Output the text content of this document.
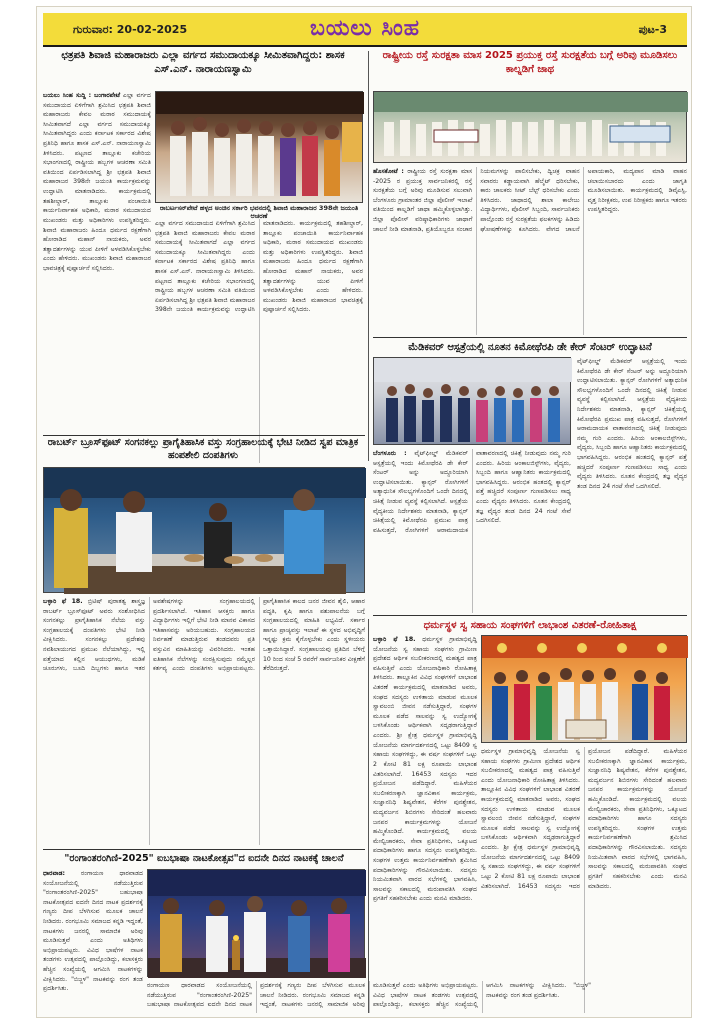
ಗುರುವಾರ: 20-02-2025	ಬಯಲು ಸಿಂಹ	ಪುಟ-3
ಛತ್ರಪತಿ ಶಿವಾಜಿ ಮಹಾರಾಜರು ಎಲ್ಲಾ ವರ್ಗದ ಸಮುದಾಯಕ್ಕೂ ಸೀಮಿತವಾಗಿದ್ದರು: ಶಾಸಕ ಎಸ್.ಎನ್. ನಾರಾಯಣಸ್ವಾಮಿ
ಬಯಲು ಸಿಂಹ ಸುದ್ದಿ : ಬಂಗಾರಪೇಟೆ ಎಲ್ಲಾ ವರ್ಗದ ಸಮುದಾಯದ ಏಳಿಗೆಗಾಗಿ ಶ್ರಮಿಸಿದ ಛತ್ರಪತಿ ಶಿವಾಜಿ ಮಹಾರಾಜರು ಕೇವಲ ಮರಾಠ ಸಮುದಾಯಕ್ಕೆ ಸೀಮಿತವಾಗದೆ ಎಲ್ಲಾ ವರ್ಗದ ಸಮುದಾಯಕ್ಕೂ ಸೀಮಿತವಾಗಿದ್ದರು ಎಂದು ಕರ್ನಾಟಕ ಸರ್ಕಾರದ ವಿಶೇಷ ಪ್ರತಿನಿಧಿ ಹಾಗೂ ಶಾಸಕ ಎಸ್.ಎನ್. ನಾರಾಯಣಸ್ವಾಮಿ ತಿಳಿಸಿದರು. ಪಟ್ಟಣದ ತಾಲ್ಲೂಕು ಕಚೇರಿಯ ಸಭಾಂಗಣದಲ್ಲಿ ರಾಷ್ಟ್ರೀಯ ಹಬ್ಬಗಳ ಆಚರಣಾ ಸಮಿತಿ ವತಿಯಿಂದ ಏರ್ಪಡಿಸಲಾಗಿದ್ದ ಶ್ರೀ ಛತ್ರಪತಿ ಶಿವಾಜಿ ಮಹಾರಾಜರ 398ನೇ ಜಯಂತಿ ಕಾರ್ಯಕ್ರಮವನ್ನು ಉದ್ಘಾಟಿಸಿ ಮಾತನಾಡಿದರು. ಕಾರ್ಯಕ್ರಮದಲ್ಲಿ ತಹಶೀಲ್ದಾರ್, ತಾಲ್ಲೂಕು ಪಂಚಾಯಿತಿ ಕಾರ್ಯನಿರ್ವಾಹಕ ಅಧಿಕಾರಿ, ಮರಾಠ ಸಮುದಾಯದ ಮುಖಂಡರು ಮತ್ತು ಅಧಿಕಾರಿಗಳು ಉಪಸ್ಥಿತರಿದ್ದರು. ಶಿವಾಜಿ ಮಹಾರಾಜರು ಹಿಂದೂ ಧರ್ಮದ ರಕ್ಷಣೆಗಾಗಿ ಹೋರಾಡಿದ ಮಹಾನ್ ನಾಯಕರು, ಅವರ ತತ್ವಾದರ್ಶಗಳನ್ನು ಯುವ ಪೀಳಿಗೆ ಅಳವಡಿಸಿಕೊಳ್ಳಬೇಕು ಎಂದು ಹೇಳಿದರು. ಮುಖಂಡರು ಶಿವಾಜಿ ಮಹಾರಾಜರ ಭಾವಚಿತ್ರಕ್ಕೆ ಪುಷ್ಪಾರ್ಚನೆ ಸಲ್ಲಿಸಿದರು.
ರಾಬರ್ಟಸನ್‌ಪೇಟೆ ಹಳ್ಳದ ಅಂಚಿನ ಸರ್ಕಾರಿ ಭವನದಲ್ಲಿ ಶಿವಾಜಿ ಮಹಾರಾಜರ 398ನೇ ಜಯಂತಿ ಆಚರಣೆ
ಎಲ್ಲಾ ವರ್ಗದ ಸಮುದಾಯದ ಏಳಿಗೆಗಾಗಿ ಶ್ರಮಿಸಿದ ಛತ್ರಪತಿ ಶಿವಾಜಿ ಮಹಾರಾಜರು ಕೇವಲ ಮರಾಠ ಸಮುದಾಯಕ್ಕೆ ಸೀಮಿತವಾಗದೆ ಎಲ್ಲಾ ವರ್ಗದ ಸಮುದಾಯಕ್ಕೂ ಸೀಮಿತವಾಗಿದ್ದರು ಎಂದು ಕರ್ನಾಟಕ ಸರ್ಕಾರದ ವಿಶೇಷ ಪ್ರತಿನಿಧಿ ಹಾಗೂ ಶಾಸಕ ಎಸ್.ಎನ್. ನಾರಾಯಣಸ್ವಾಮಿ ತಿಳಿಸಿದರು. ಪಟ್ಟಣದ ತಾಲ್ಲೂಕು ಕಚೇರಿಯ ಸಭಾಂಗಣದಲ್ಲಿ ರಾಷ್ಟ್ರೀಯ ಹಬ್ಬಗಳ ಆಚರಣಾ ಸಮಿತಿ ವತಿಯಿಂದ ಏರ್ಪಡಿಸಲಾಗಿದ್ದ ಶ್ರೀ ಛತ್ರಪತಿ ಶಿವಾಜಿ ಮಹಾರಾಜರ 398ನೇ ಜಯಂತಿ ಕಾರ್ಯಕ್ರಮವನ್ನು ಉದ್ಘಾಟಿಸಿ ಮಾತನಾಡಿದರು. ಕಾರ್ಯಕ್ರಮದಲ್ಲಿ ತಹಶೀಲ್ದಾರ್, ತಾಲ್ಲೂಕು ಪಂಚಾಯಿತಿ ಕಾರ್ಯನಿರ್ವಾಹಕ ಅಧಿಕಾರಿ, ಮರಾಠ ಸಮುದಾಯದ ಮುಖಂಡರು ಮತ್ತು ಅಧಿಕಾರಿಗಳು ಉಪಸ್ಥಿತರಿದ್ದರು. ಶಿವಾಜಿ ಮಹಾರಾಜರು ಹಿಂದೂ ಧರ್ಮದ ರಕ್ಷಣೆಗಾಗಿ ಹೋರಾಡಿದ ಮಹಾನ್ ನಾಯಕರು, ಅವರ ತತ್ವಾದರ್ಶಗಳನ್ನು ಯುವ ಪೀಳಿಗೆ ಅಳವಡಿಸಿಕೊಳ್ಳಬೇಕು ಎಂದು ಹೇಳಿದರು. ಮುಖಂಡರು ಶಿವಾಜಿ ಮಹಾರಾಜರ ಭಾವಚಿತ್ರಕ್ಕೆ ಪುಷ್ಪಾರ್ಚನೆ ಸಲ್ಲಿಸಿದರು.
ರಾಷ್ಟ್ರೀಯ ರಸ್ತೆ ಸುರಕ್ಷತಾ ಮಾಸ 2025 ಪ್ರಯುಕ್ತ ರಸ್ತೆ ಸುರಕ್ಷತೆಯ ಬಗ್ಗೆ ಅರಿವು ಮೂಡಿಸಲು ಕಾಲ್ನಡಿಗೆ ಜಾಥ
ಹೊಸಕೋಟೆ : ರಾಷ್ಟ್ರೀಯ ರಸ್ತೆ ಸುರಕ್ಷತಾ ಮಾಸ -2025 ರ ಪ್ರಯುಕ್ತ ಸಾರ್ವಜನಿಕರಲ್ಲಿ ರಸ್ತೆ ಸುರಕ್ಷತೆಯ ಬಗ್ಗೆ ಅರಿವು ಮೂಡಿಸುವ ಸಲುವಾಗಿ ಬೆಂಗಳೂರು ಗ್ರಾಮಾಂತರ ಜಿಲ್ಲಾ ಪೊಲೀಸ್ ಇಲಾಖೆ ವತಿಯಿಂದ ಕಾಲ್ನಡಿಗೆ ಜಾಥಾ ಹಮ್ಮಿಕೊಳ್ಳಲಾಗಿತ್ತು. ಜಿಲ್ಲಾ ಪೊಲೀಸ್ ವರಿಷ್ಠಾಧಿಕಾರಿಗಳು ಜಾಥಾಗೆ ಚಾಲನೆ ನೀಡಿ ಮಾತನಾಡಿ, ಪ್ರತಿಯೊಬ್ಬರೂ ಸಂಚಾರ ನಿಯಮಗಳನ್ನು ಪಾಲಿಸಬೇಕು, ದ್ವಿಚಕ್ರ ವಾಹನ ಸವಾರರು ಕಡ್ಡಾಯವಾಗಿ ಹೆಲ್ಮೆಟ್ ಧರಿಸಬೇಕು, ಕಾರು ಚಾಲಕರು ಸೀಟ್ ಬೆಲ್ಟ್ ಧರಿಸಬೇಕು ಎಂದು ತಿಳಿಸಿದರು. ಜಾಥಾದಲ್ಲಿ ಶಾಲಾ ಕಾಲೇಜು ವಿದ್ಯಾರ್ಥಿಗಳು, ಪೊಲೀಸ್ ಸಿಬ್ಬಂದಿ, ಸಾರ್ವಜನಿಕರು ಪಾಲ್ಗೊಂಡು ರಸ್ತೆ ಸುರಕ್ಷತೆಯ ಫಲಕಗಳನ್ನು ಹಿಡಿದು ಘೋಷಣೆಗಳನ್ನು ಕೂಗಿದರು. ವೇಗದ ಚಾಲನೆ ಅಪಾಯಕಾರಿ, ಮದ್ಯಪಾನ ಮಾಡಿ ವಾಹನ ಚಲಾಯಿಸಬಾರದು ಎಂದು ಜಾಗೃತಿ ಮೂಡಿಸಲಾಯಿತು. ಕಾರ್ಯಕ್ರಮದಲ್ಲಿ ಡಿವೈಎಸ್ಪಿ, ವೃತ್ತ ನಿರೀಕ್ಷಕರು, ಉಪ ನಿರೀಕ್ಷಕರು ಹಾಗೂ ಇತರರು ಉಪಸ್ಥಿತರಿದ್ದರು.
ಮೆಡಿಕವರ್ ಆಸ್ಪತ್ರೆಯಲ್ಲಿ ನೂತನ ಕಿಮೋಥೆರಪಿ ಡೇ ಕೇರ್ ಸೆಂಟರ್ ಉದ್ಘಾಟನೆ
ವೈಟ್‌ಫೀಲ್ಡ್ ಮೆಡಿಕವರ್ ಆಸ್ಪತ್ರೆಯಲ್ಲಿ ಇಂದು ಕಿಮೋಥೆರಪಿ ಡೇ ಕೇರ್ ಸೆಂಟರ್ ಅನ್ನು ಅದ್ದೂರಿಯಾಗಿ ಉದ್ಘಾಟಿಸಲಾಯಿತು. ಕ್ಯಾನ್ಸರ್ ರೋಗಿಗಳಿಗೆ ಅತ್ಯಾಧುನಿಕ ಸೌಲಭ್ಯಗಳೊಂದಿಗೆ ಒಂದೇ ದಿನದಲ್ಲಿ ಚಿಕಿತ್ಸೆ ನೀಡುವ ವ್ಯವಸ್ಥೆ ಕಲ್ಪಿಸಲಾಗಿದೆ. ಆಸ್ಪತ್ರೆಯ ವೈದ್ಯಕೀಯ ನಿರ್ದೇಶಕರು ಮಾತನಾಡಿ, ಕ್ಯಾನ್ಸರ್ ಚಿಕಿತ್ಸೆಯಲ್ಲಿ ಕಿಮೋಥೆರಪಿ ಪ್ರಮುಖ ಪಾತ್ರ ವಹಿಸುತ್ತದೆ, ರೋಗಿಗಳಿಗೆ ಆರಾಮದಾಯಕ ವಾತಾವರಣದಲ್ಲಿ ಚಿಕಿತ್ಸೆ ನೀಡುವುದು ನಮ್ಮ ಗುರಿ ಎಂದರು. ಹಿರಿಯ ಆಂಕಾಲಜಿಸ್ಟ್‌ಗಳು, ವೈದ್ಯರು, ಸಿಬ್ಬಂದಿ ಹಾಗೂ ಆಹ್ವಾನಿತರು ಕಾರ್ಯಕ್ರಮದಲ್ಲಿ ಭಾಗವಹಿಸಿದ್ದರು. ಆರಂಭಿಕ ಹಂತದಲ್ಲಿ ಕ್ಯಾನ್ಸರ್ ಪತ್ತೆ ಹಚ್ಚಿದರೆ ಸಂಪೂರ್ಣ ಗುಣಪಡಿಸಲು ಸಾಧ್ಯ ಎಂದು ವೈದ್ಯರು ತಿಳಿಸಿದರು. ನೂತನ ಕೇಂದ್ರದಲ್ಲಿ ತಜ್ಞ ವೈದ್ಯರ ತಂಡ ದಿನದ 24 ಗಂಟೆ ಸೇವೆ ಒದಗಿಸಲಿದೆ.
ಬೆಂಗಳೂರು : ವೈಟ್‌ಫೀಲ್ಡ್ ಮೆಡಿಕವರ್ ಆಸ್ಪತ್ರೆಯಲ್ಲಿ ಇಂದು ಕಿಮೋಥೆರಪಿ ಡೇ ಕೇರ್ ಸೆಂಟರ್ ಅನ್ನು ಅದ್ದೂರಿಯಾಗಿ ಉದ್ಘಾಟಿಸಲಾಯಿತು. ಕ್ಯಾನ್ಸರ್ ರೋಗಿಗಳಿಗೆ ಅತ್ಯಾಧುನಿಕ ಸೌಲಭ್ಯಗಳೊಂದಿಗೆ ಒಂದೇ ದಿನದಲ್ಲಿ ಚಿಕಿತ್ಸೆ ನೀಡುವ ವ್ಯವಸ್ಥೆ ಕಲ್ಪಿಸಲಾಗಿದೆ. ಆಸ್ಪತ್ರೆಯ ವೈದ್ಯಕೀಯ ನಿರ್ದೇಶಕರು ಮಾತನಾಡಿ, ಕ್ಯಾನ್ಸರ್ ಚಿಕಿತ್ಸೆಯಲ್ಲಿ ಕಿಮೋಥೆರಪಿ ಪ್ರಮುಖ ಪಾತ್ರ ವಹಿಸುತ್ತದೆ, ರೋಗಿಗಳಿಗೆ ಆರಾಮದಾಯಕ ವಾತಾವರಣದಲ್ಲಿ ಚಿಕಿತ್ಸೆ ನೀಡುವುದು ನಮ್ಮ ಗುರಿ ಎಂದರು. ಹಿರಿಯ ಆಂಕಾಲಜಿಸ್ಟ್‌ಗಳು, ವೈದ್ಯರು, ಸಿಬ್ಬಂದಿ ಹಾಗೂ ಆಹ್ವಾನಿತರು ಕಾರ್ಯಕ್ರಮದಲ್ಲಿ ಭಾಗವಹಿಸಿದ್ದರು. ಆರಂಭಿಕ ಹಂತದಲ್ಲಿ ಕ್ಯಾನ್ಸರ್ ಪತ್ತೆ ಹಚ್ಚಿದರೆ ಸಂಪೂರ್ಣ ಗುಣಪಡಿಸಲು ಸಾಧ್ಯ ಎಂದು ವೈದ್ಯರು ತಿಳಿಸಿದರು. ನೂತನ ಕೇಂದ್ರದಲ್ಲಿ ತಜ್ಞ ವೈದ್ಯರ ತಂಡ ದಿನದ 24 ಗಂಟೆ ಸೇವೆ ಒದಗಿಸಲಿದೆ.
ರಾಬರ್ಟ್ ಬ್ರೂಸ್‌ಫೂಟ್ ಸಂಗನಕಲ್ಲು ಪ್ರಾಗೈತಿಹಾಸಿಕ ವಸ್ತು ಸಂಗ್ರಹಾಲಯಕ್ಕೆ ಭೇಟಿ ನೀಡಿದ ಸ್ವಪ ಮಾತ್ರಿಕ ಹಂಪಶೇಲಿ ದಂಪತಿಗಳು
ಬಳ್ಳಾರಿ ಫೆ 18. ಬ್ರಿಟಿಷ್ ಪುರಾತತ್ವ ಶಾಸ್ತ್ರಜ್ಞ ರಾಬರ್ಟ್ ಬ್ರೂಸ್‌ಫೂಟ್ ಅವರು ಸಂಶೋಧಿಸಿದ ಸಂಗನಕಲ್ಲು ಪ್ರಾಗೈತಿಹಾಸಿಕ ನೆಲೆಯ ವಸ್ತು ಸಂಗ್ರಹಾಲಯಕ್ಕೆ ದಂಪತಿಗಳು ಭೇಟಿ ನೀಡಿ ವೀಕ್ಷಿಸಿದರು. ಸಂಗನಕಲ್ಲು ಪ್ರದೇಶವು ನವಶಿಲಾಯುಗದ ಪ್ರಮುಖ ನೆಲೆಯಾಗಿದ್ದು, ಇಲ್ಲಿ ಪತ್ತೆಯಾದ ಕಲ್ಲಿನ ಆಯುಧಗಳು, ಮಡಿಕೆ ಚೂರುಗಳು, ಬೂದಿ ದಿಬ್ಬಗಳು ಹಾಗೂ ಇತರ ಅವಶೇಷಗಳನ್ನು ಸಂಗ್ರಹಾಲಯದಲ್ಲಿ ಪ್ರದರ್ಶಿಸಲಾಗಿದೆ. ಇತಿಹಾಸ ಆಸಕ್ತರು ಹಾಗೂ ವಿದ್ಯಾರ್ಥಿಗಳು ಇಲ್ಲಿಗೆ ಭೇಟಿ ನೀಡಿ ಮಾನವ ವಿಕಾಸದ ಇತಿಹಾಸವನ್ನು ಅರಿಯಬಹುದು. ಸಂಗ್ರಹಾಲಯದ ನಿರ್ವಹಣೆ ಮಾಡುತ್ತಿರುವ ತಂಡದವರು ಪ್ರತಿ ವಸ್ತುವಿನ ಮಾಹಿತಿಯನ್ನು ವಿವರಿಸಿದರು. ಇಂತಹ ಐತಿಹಾಸಿಕ ನೆಲೆಗಳನ್ನು ಸಂರಕ್ಷಿಸುವುದು ನಮ್ಮೆಲ್ಲರ ಕರ್ತವ್ಯ ಎಂದು ದಂಪತಿಗಳು ಅಭಿಪ್ರಾಯಪಟ್ಟರು. ಪ್ರಾಗೈತಿಹಾಸಿಕ ಕಾಲದ ಜನರ ಜೀವನ ಶೈಲಿ, ಆಹಾರ ಪದ್ಧತಿ, ಕೃಷಿ ಹಾಗೂ ಪಶುಪಾಲನೆಯ ಬಗ್ಗೆ ಸಂಗ್ರಹಾಲಯದಲ್ಲಿ ಮಾಹಿತಿ ಲಭ್ಯವಿದೆ. ಸರ್ಕಾರ ಹಾಗೂ ಪ್ರಾಚ್ಯವಸ್ತು ಇಲಾಖೆ ಈ ಸ್ಥಳದ ಅಭಿವೃದ್ಧಿಗೆ ಇನ್ನಷ್ಟು ಕ್ರಮ ಕೈಗೊಳ್ಳಬೇಕು ಎಂದು ಸ್ಥಳೀಯರು ಒತ್ತಾಯಿಸಿದ್ದಾರೆ. ಸಂಗ್ರಹಾಲಯವು ಪ್ರತಿದಿನ ಬೆಳಿಗ್ಗೆ 10 ರಿಂದ ಸಂಜೆ 5 ರವರೆಗೆ ಸಾರ್ವಜನಿಕರ ವೀಕ್ಷಣೆಗೆ ತೆರೆದಿರುತ್ತದೆ.
ಧರ್ಮಸ್ಥಳ ಸ್ವ ಸಹಾಯ ಸಂಘಗಳಿಗೆ ಲಾಭಾಂಶ ವಿತರಣೆ-ರೋಹಿತಾಕ್ಷ
ಬಳ್ಳಾರಿ ಫೆ 18. ಧರ್ಮಸ್ಥಳ ಗ್ರಾಮಾಭಿವೃದ್ಧಿ ಯೋಜನೆಯ ಸ್ವ ಸಹಾಯ ಸಂಘಗಳು ಗ್ರಾಮೀಣ ಪ್ರದೇಶದ ಆರ್ಥಿಕ ಸಬಲೀಕರಣದಲ್ಲಿ ಮಹತ್ವದ ಪಾತ್ರ ವಹಿಸುತ್ತಿವೆ ಎಂದು ಯೋಜನಾಧಿಕಾರಿ ರೋಹಿತಾಕ್ಷ ತಿಳಿಸಿದರು. ತಾಲ್ಲೂಕಿನ ವಿವಿಧ ಸಂಘಗಳಿಗೆ ಲಾಭಾಂಶ ವಿತರಣೆ ಕಾರ್ಯಕ್ರಮದಲ್ಲಿ ಮಾತನಾಡಿದ ಅವರು, ಸಂಘದ ಸದಸ್ಯರು ಉಳಿತಾಯ ಮಾಡುವ ಮೂಲಕ ಸ್ವಾವಲಂಬಿ ಜೀವನ ನಡೆಸುತ್ತಿದ್ದಾರೆ, ಸಂಘಗಳ ಮೂಲಕ ಪಡೆದ ಸಾಲವನ್ನು ಸ್ವ ಉದ್ಯೋಗಕ್ಕೆ ಬಳಸಿಕೊಂಡು ಆರ್ಥಿಕವಾಗಿ ಸದೃಢರಾಗುತ್ತಿದ್ದಾರೆ ಎಂದರು. ಶ್ರೀ ಕ್ಷೇತ್ರ ಧರ್ಮಸ್ಥಳ ಗ್ರಾಮಾಭಿವೃದ್ಧಿ ಯೋಜನೆಯ ಮಾರ್ಗದರ್ಶನದಲ್ಲಿ ಒಟ್ಟು 8409 ಸ್ವ ಸಹಾಯ ಸಂಘಗಳಿದ್ದು, ಈ ವರ್ಷ ಸಂಘಗಳಿಗೆ ಒಟ್ಟು 2 ಕೋಟಿ 81 ಲಕ್ಷ ರೂಪಾಯಿ ಲಾಭಾಂಶ ವಿತರಿಸಲಾಗಿದೆ. 16453 ಸದಸ್ಯರು ಇದರ ಪ್ರಯೋಜನ ಪಡೆದಿದ್ದಾರೆ. ಮಹಿಳೆಯರ ಸಬಲೀಕರಣಕ್ಕಾಗಿ ಜ್ಞಾನವಿಕಾಸ ಕಾರ್ಯಕ್ರಮ, ಸುಜ್ಞಾನನಿಧಿ ಶಿಷ್ಯವೇತನ, ಕೆರೆಗಳ ಪುನಶ್ಚೇತನ, ಮದ್ಯವರ್ಜನ ಶಿಬಿರಗಳು ಸೇರಿದಂತೆ ಹಲವಾರು ಜನಪರ ಕಾರ್ಯಕ್ರಮಗಳನ್ನು ಯೋಜನೆ ಹಮ್ಮಿಕೊಂಡಿದೆ. ಕಾರ್ಯಕ್ರಮದಲ್ಲಿ ವಲಯ ಮೇಲ್ವಿಚಾರಕರು, ಸೇವಾ ಪ್ರತಿನಿಧಿಗಳು, ಒಕ್ಕೂಟದ ಪದಾಧಿಕಾರಿಗಳು ಹಾಗೂ ಸದಸ್ಯರು ಉಪಸ್ಥಿತರಿದ್ದರು. ಸಂಘಗಳ ಉತ್ತಮ ಕಾರ್ಯನಿರ್ವಹಣೆಗಾಗಿ ಶ್ರಮಿಸಿದ ಪದಾಧಿಕಾರಿಗಳನ್ನು ಗೌರವಿಸಲಾಯಿತು. ಸದಸ್ಯರು ನಿಯಮಿತವಾಗಿ ವಾರದ ಸಭೆಗಳಲ್ಲಿ ಭಾಗವಹಿಸಿ, ಸಾಲವನ್ನು ಸಕಾಲದಲ್ಲಿ ಮರುಪಾವತಿಸಿ ಸಂಘದ ಪ್ರಗತಿಗೆ ಸಹಕರಿಸಬೇಕು ಎಂದು ಮನವಿ ಮಾಡಿದರು.
ಧರ್ಮಸ್ಥಳ ಗ್ರಾಮಾಭಿವೃದ್ಧಿ ಯೋಜನೆಯ ಸ್ವ ಸಹಾಯ ಸಂಘಗಳು ಗ್ರಾಮೀಣ ಪ್ರದೇಶದ ಆರ್ಥಿಕ ಸಬಲೀಕರಣದಲ್ಲಿ ಮಹತ್ವದ ಪಾತ್ರ ವಹಿಸುತ್ತಿವೆ ಎಂದು ಯೋಜನಾಧಿಕಾರಿ ರೋಹಿತಾಕ್ಷ ತಿಳಿಸಿದರು. ತಾಲ್ಲೂಕಿನ ವಿವಿಧ ಸಂಘಗಳಿಗೆ ಲಾಭಾಂಶ ವಿತರಣೆ ಕಾರ್ಯಕ್ರಮದಲ್ಲಿ ಮಾತನಾಡಿದ ಅವರು, ಸಂಘದ ಸದಸ್ಯರು ಉಳಿತಾಯ ಮಾಡುವ ಮೂಲಕ ಸ್ವಾವಲಂಬಿ ಜೀವನ ನಡೆಸುತ್ತಿದ್ದಾರೆ, ಸಂಘಗಳ ಮೂಲಕ ಪಡೆದ ಸಾಲವನ್ನು ಸ್ವ ಉದ್ಯೋಗಕ್ಕೆ ಬಳಸಿಕೊಂಡು ಆರ್ಥಿಕವಾಗಿ ಸದೃಢರಾಗುತ್ತಿದ್ದಾರೆ ಎಂದರು. ಶ್ರೀ ಕ್ಷೇತ್ರ ಧರ್ಮಸ್ಥಳ ಗ್ರಾಮಾಭಿವೃದ್ಧಿ ಯೋಜನೆಯ ಮಾರ್ಗದರ್ಶನದಲ್ಲಿ ಒಟ್ಟು 8409 ಸ್ವ ಸಹಾಯ ಸಂಘಗಳಿದ್ದು, ಈ ವರ್ಷ ಸಂಘಗಳಿಗೆ ಒಟ್ಟು 2 ಕೋಟಿ 81 ಲಕ್ಷ ರೂಪಾಯಿ ಲಾಭಾಂಶ ವಿತರಿಸಲಾಗಿದೆ. 16453 ಸದಸ್ಯರು ಇದರ ಪ್ರಯೋಜನ ಪಡೆದಿದ್ದಾರೆ. ಮಹಿಳೆಯರ ಸಬಲೀಕರಣಕ್ಕಾಗಿ ಜ್ಞಾನವಿಕಾಸ ಕಾರ್ಯಕ್ರಮ, ಸುಜ್ಞಾನನಿಧಿ ಶಿಷ್ಯವೇತನ, ಕೆರೆಗಳ ಪುನಶ್ಚೇತನ, ಮದ್ಯವರ್ಜನ ಶಿಬಿರಗಳು ಸೇರಿದಂತೆ ಹಲವಾರು ಜನಪರ ಕಾರ್ಯಕ್ರಮಗಳನ್ನು ಯೋಜನೆ ಹಮ್ಮಿಕೊಂಡಿದೆ. ಕಾರ್ಯಕ್ರಮದಲ್ಲಿ ವಲಯ ಮೇಲ್ವಿಚಾರಕರು, ಸೇವಾ ಪ್ರತಿನಿಧಿಗಳು, ಒಕ್ಕೂಟದ ಪದಾಧಿಕಾರಿಗಳು ಹಾಗೂ ಸದಸ್ಯರು ಉಪಸ್ಥಿತರಿದ್ದರು. ಸಂಘಗಳ ಉತ್ತಮ ಕಾರ್ಯನಿರ್ವಹಣೆಗಾಗಿ ಶ್ರಮಿಸಿದ ಪದಾಧಿಕಾರಿಗಳನ್ನು ಗೌರವಿಸಲಾಯಿತು. ಸದಸ್ಯರು ನಿಯಮಿತವಾಗಿ ವಾರದ ಸಭೆಗಳಲ್ಲಿ ಭಾಗವಹಿಸಿ, ಸಾಲವನ್ನು ಸಕಾಲದಲ್ಲಿ ಮರುಪಾವತಿಸಿ ಸಂಘದ ಪ್ರಗತಿಗೆ ಸಹಕರಿಸಬೇಕು ಎಂದು ಮನವಿ ಮಾಡಿದರು.
"ರಂಗಾಂತರಂಗಿಣಿ-2025" ಐಬಭಾಷಾ ನಾಟಕೋತ್ಸವ"ದ ಐದನೇ ದಿನದ ನಾಟಕಕ್ಕೆ ಚಾಲನೆ
ಧಾರವಾಡ:	ರಂಗಾಯಣ ಧಾರವಾಡದ ಸಂಯೋಜನೆಯಲ್ಲಿ ನಡೆಯುತ್ತಿರುವ "ರಂಗಾಂತರಂಗಿಣಿ-2025" ಬಹುಭಾಷಾ ನಾಟಕೋತ್ಸವದ ಐದನೇ ದಿನದ ನಾಟಕ ಪ್ರದರ್ಶನಕ್ಕೆ ಗಣ್ಯರು ದೀಪ ಬೆಳಗಿಸುವ ಮೂಲಕ ಚಾಲನೆ ನೀಡಿದರು. ರಂಗಭೂಮಿ ಸಮಾಜದ ಕನ್ನಡಿ ಇದ್ದಂತೆ, ನಾಟಕಗಳು ಜನರಲ್ಲಿ ಸಾಮಾಜಿಕ ಅರಿವು ಮೂಡಿಸುತ್ತವೆ ಎಂದು ಅತಿಥಿಗಳು ಅಭಿಪ್ರಾಯಪಟ್ಟರು. ವಿವಿಧ ಭಾಷೆಗಳ ನಾಟಕ ತಂಡಗಳು ಉತ್ಸವದಲ್ಲಿ ಪಾಲ್ಗೊಂಡಿದ್ದು, ಕಲಾಸಕ್ತರು ಹೆಚ್ಚಿನ ಸಂಖ್ಯೆಯಲ್ಲಿ ಆಗಮಿಸಿ ನಾಟಕಗಳನ್ನು ವೀಕ್ಷಿಸಿದರು. "ಬಿಜ್ಜಳ" ನಾಟಕವನ್ನು ರಂಗ ತಂಡ ಪ್ರದರ್ಶಿಸಿತು.	ರಂಗಾಯಣ ಧಾರವಾಡದ ಸಂಯೋಜನೆಯಲ್ಲಿ ನಡೆಯುತ್ತಿರುವ "ರಂಗಾಂತರಂಗಿಣಿ-2025" ಬಹುಭಾಷಾ ನಾಟಕೋತ್ಸವದ ಐದನೇ ದಿನದ ನಾಟಕ ಪ್ರದರ್ಶನಕ್ಕೆ ಗಣ್ಯರು ದೀಪ ಬೆಳಗಿಸುವ ಮೂಲಕ ಚಾಲನೆ ನೀಡಿದರು. ರಂಗಭೂಮಿ ಸಮಾಜದ ಕನ್ನಡಿ ಇದ್ದಂತೆ, ನಾಟಕಗಳು ಜನರಲ್ಲಿ ಸಾಮಾಜಿಕ ಅರಿವು ಮೂಡಿಸುತ್ತವೆ ಎಂದು ಅತಿಥಿಗಳು ಅಭಿಪ್ರಾಯಪಟ್ಟರು. ವಿವಿಧ ಭಾಷೆಗಳ ನಾಟಕ ತಂಡಗಳು ಉತ್ಸವದಲ್ಲಿ ಪಾಲ್ಗೊಂಡಿದ್ದು, ಕಲಾಸಕ್ತರು ಹೆಚ್ಚಿನ ಸಂಖ್ಯೆಯಲ್ಲಿ ಆಗಮಿಸಿ ನಾಟಕಗಳನ್ನು ವೀಕ್ಷಿಸಿದರು. "ಬಿಜ್ಜಳ" ನಾಟಕವನ್ನು ರಂಗ ತಂಡ ಪ್ರದರ್ಶಿಸಿತು.
